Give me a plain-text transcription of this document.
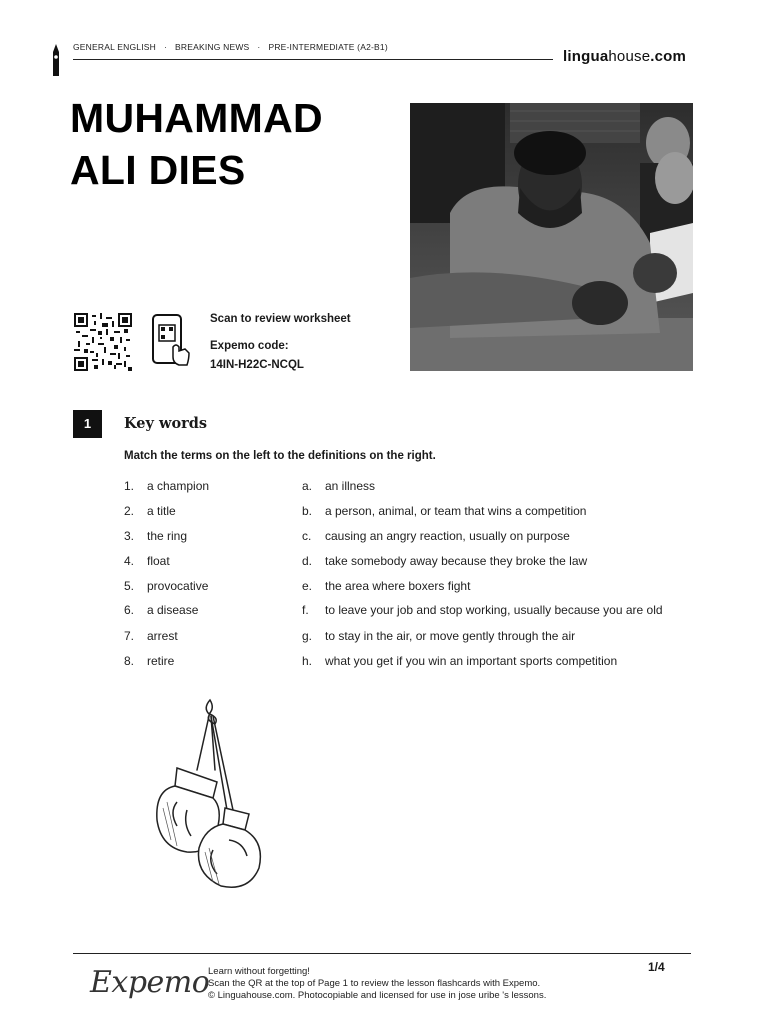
GENERAL ENGLISH · BREAKING NEWS · PRE-INTERMEDIATE (A2-B1)
linguahouse.com
MUHAMMAD
ALI DIES
Scan to review worksheet
Expemo code:
14IN-H22C-NCQL
1	Key words
Match the terms on the left to the definitions on the right.
1. a champion
2. a title
3. the ring
4. float
5. provocative
6. a disease
7. arrest
8. retire
a. an illness
b. a person, animal, or team that wins a competition
c. causing an angry reaction, usually on purpose
d. take somebody away because they broke the law
e. the area where boxers fight
f. to leave your job and stop working, usually because you are old
g. to stay in the air, or move gently through the air
h. what you get if you win an important sports competition
Expemo
Learn without forgetting!
Scan the QR at the top of Page 1 to review the lesson flashcards with Expemo.
© Linguahouse.com. Photocopiable and licensed for use in jose uribe 's lessons.
1/4
